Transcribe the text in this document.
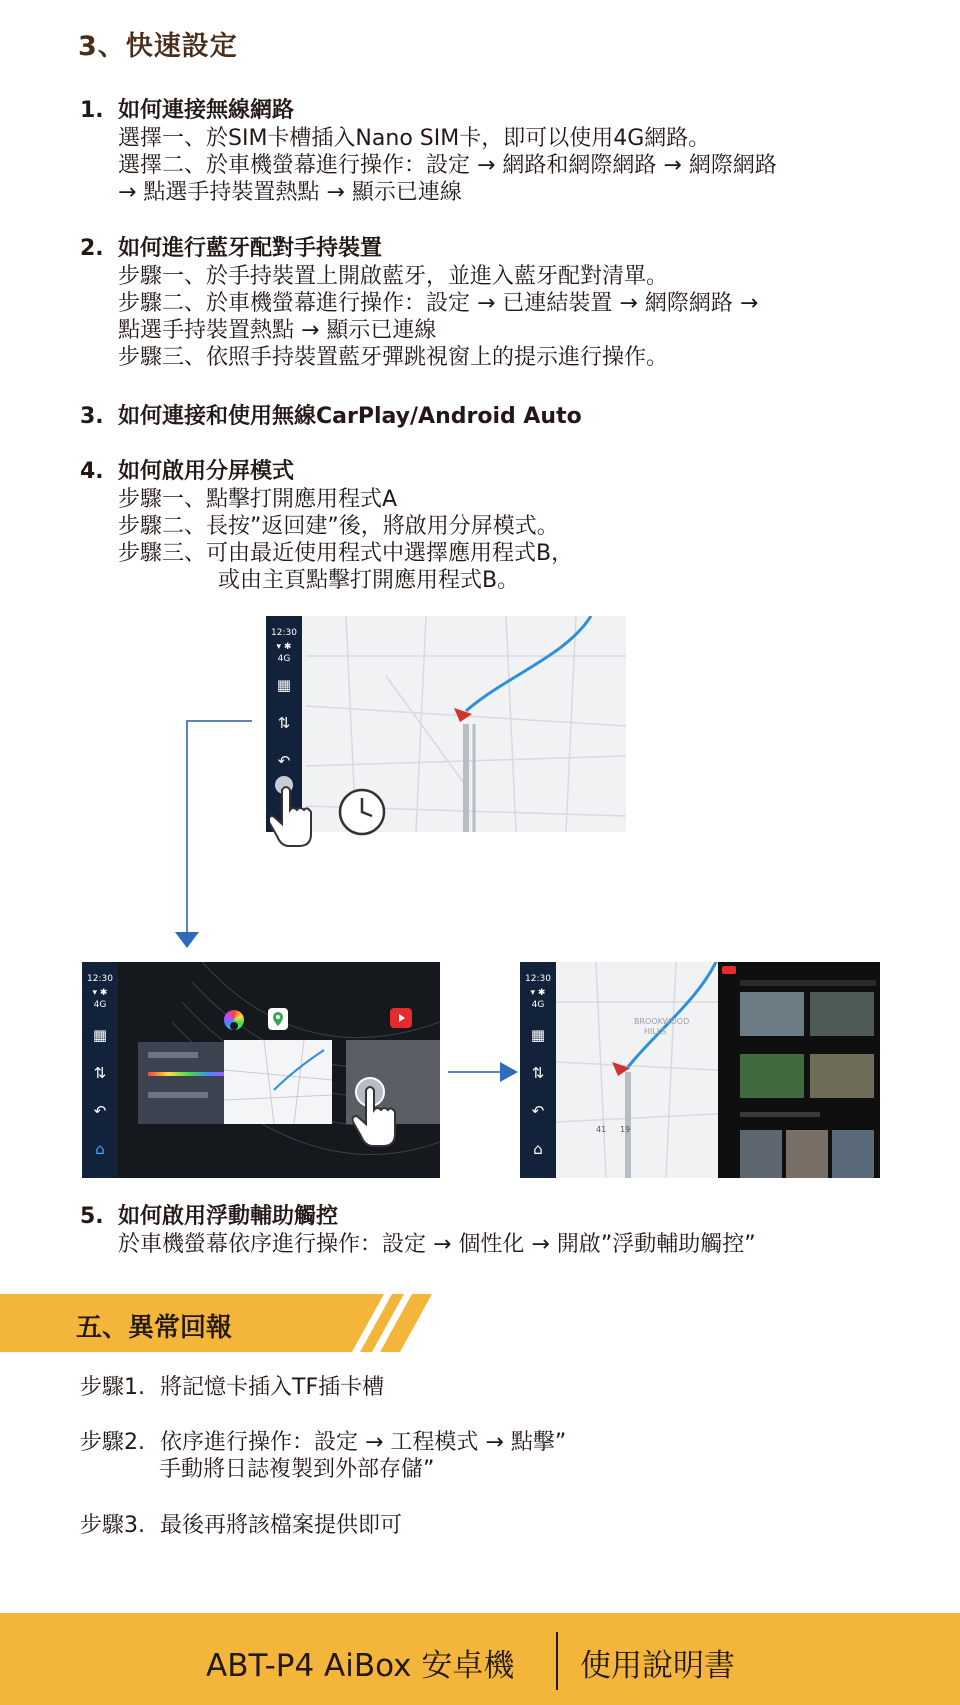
3、快速設定
1. 如何連接無線網路
選擇一、於SIM卡槽插入Nano SIM卡，即可以使用4G網路。
選擇二、於車機螢幕進行操作：設定 → 網路和網際網路 → 網際網路
→ 點選手持裝置熱點 → 顯示已連線
2. 如何進行藍牙配對手持裝置
步驟一、於手持裝置上開啟藍牙，並進入藍牙配對清單。
步驟二、於車機螢幕進行操作：設定 → 已連結裝置 → 網際網路 →
點選手持裝置熱點 → 顯示已連線
步驟三、依照手持裝置藍牙彈跳視窗上的提示進行操作。
3. 如何連接和使用無線CarPlay/Android Auto
4. 如何啟用分屏模式
步驟一、點擊打開應用程式A
步驟二、長按”返回建”後，將啟用分屏模式。
步驟三、可由最近使用程式中選擇應用程式B，
或由主頁點擊打開應用程式B。
12:30
▾ ✱
4G
▦
⇅
↶
12:30
▾ ✱
4G
▦
⇅
↶
⌂
12:30
▾ ✱
4G
▦
⇅
↶
⌂
BROOKWOOD
HILLS
41 19
5. 如何啟用浮動輔助觸控
於車機螢幕依序進行操作：設定 → 個性化 → 開啟”浮動輔助觸控”
五、異常回報
步驟1. 將記憶卡插入TF插卡槽
步驟2. 依序進行操作：設定 → 工程模式 → 點擊”
手動將日誌複製到外部存儲”
步驟3. 最後再將該檔案提供即可
ABT-P4 AiBox 安卓機 使用說明書
